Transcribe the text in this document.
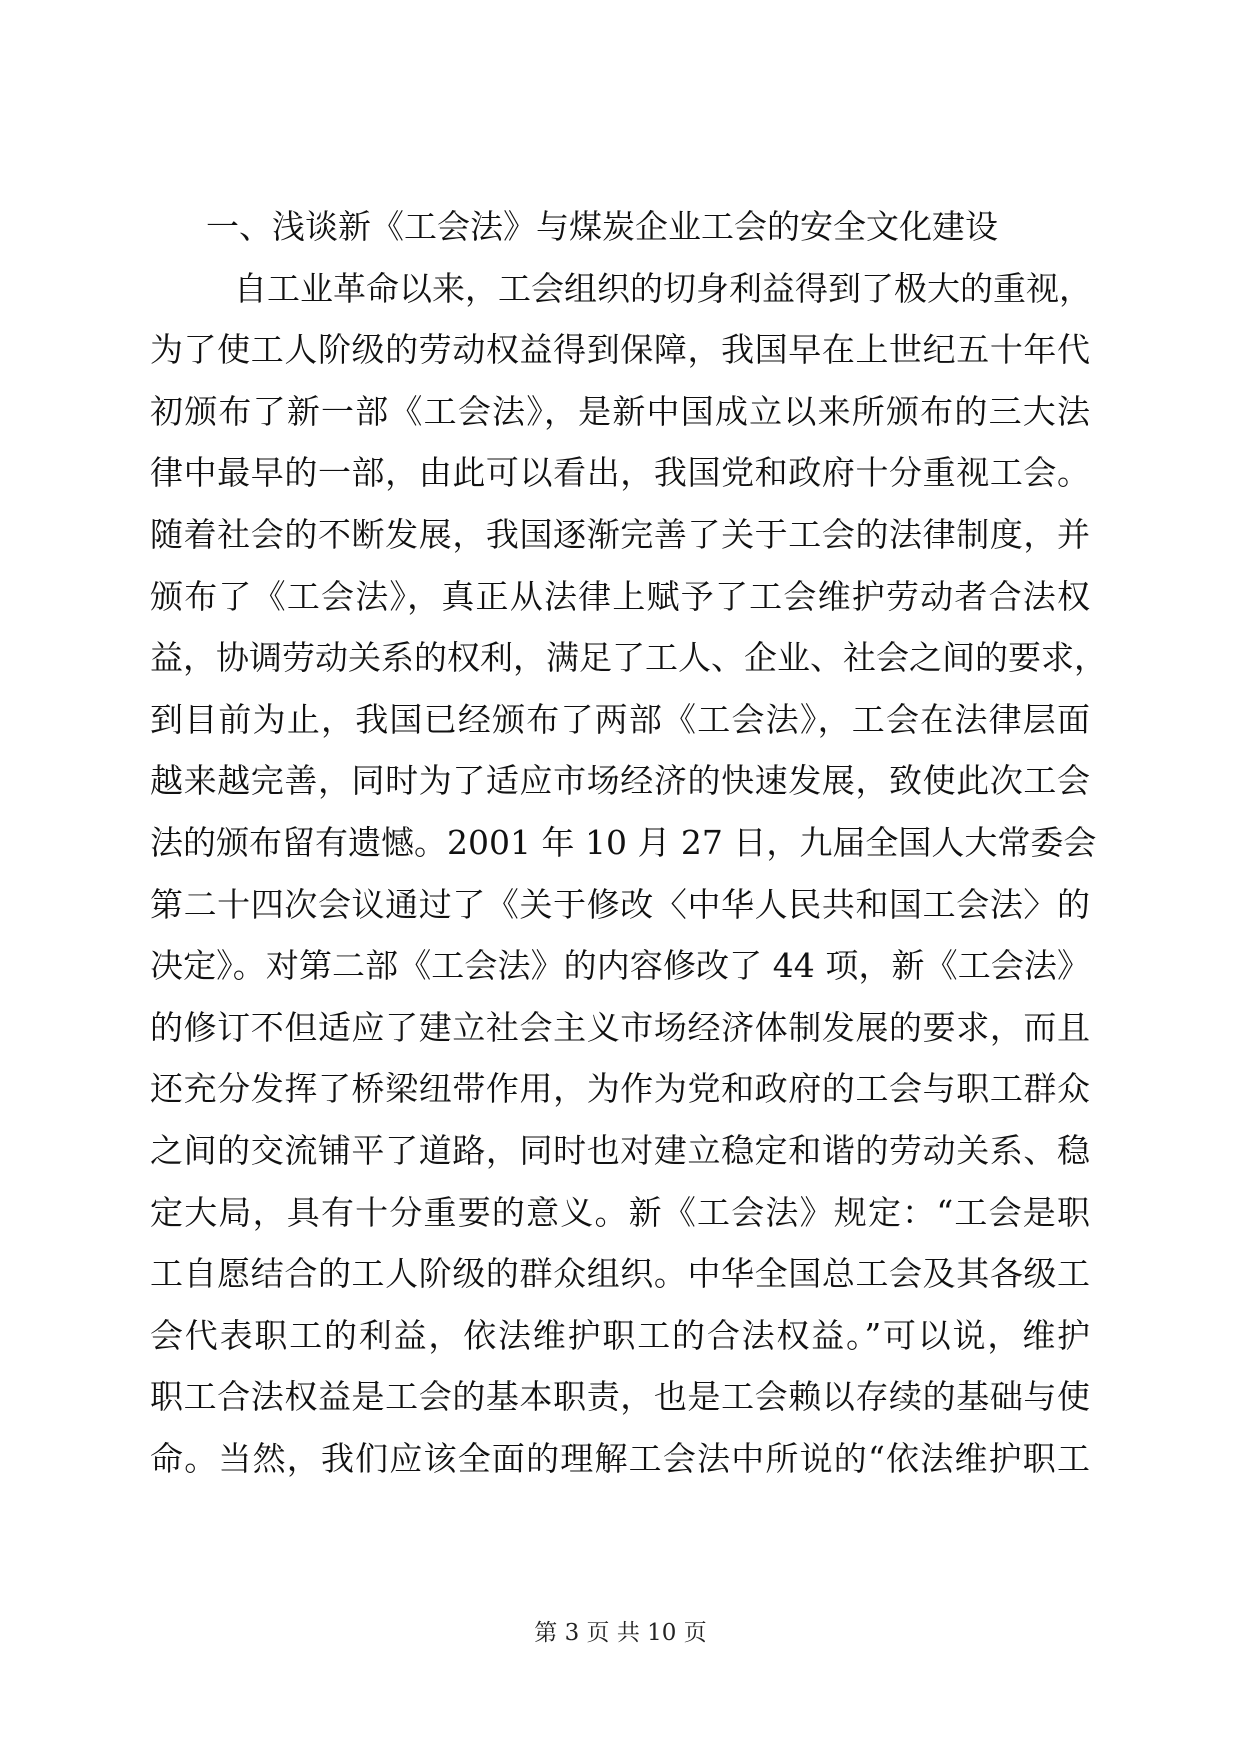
一、浅谈新《工会法》与煤炭企业工会的安全文化建设
自工业革命以来，工会组织的切身利益得到了极大的重视，
为了使工人阶级的劳动权益得到保障，我国早在上世纪五十年代
初颁布了新一部《工会法》，是新中国成立以来所颁布的三大法
律中最早的一部，由此可以看出，我国党和政府十分重视工会。
随着社会的不断发展，我国逐渐完善了关于工会的法律制度，并
颁布了《工会法》，真正从法律上赋予了工会维护劳动者合法权
益，协调劳动关系的权利，满足了工人、企业、社会之间的要求，
到目前为止，我国已经颁布了两部《工会法》，工会在法律层面
越来越完善，同时为了适应市场经济的快速发展，致使此次工会
法的颁布留有遗憾。2001 年 10 月 27 日，九届全国人大常委会
第二十四次会议通过了《关于修改〈中华人民共和国工会法〉的
决定》。对第二部《工会法》的内容修改了 44 项，新《工会法》
的修订不但适应了建立社会主义市场经济体制发展的要求，而且
还充分发挥了桥梁纽带作用，为作为党和政府的工会与职工群众
之间的交流铺平了道路，同时也对建立稳定和谐的劳动关系、稳
定大局，具有十分重要的意义。新《工会法》规定：“工会是职
工自愿结合的工人阶级的群众组织。中华全国总工会及其各级工
会代表职工的利益，依法维护职工的合法权益。”可以说，维护
职工合法权益是工会的基本职责，也是工会赖以存续的基础与使
命。当然，我们应该全面的理解工会法中所说的“依法维护职工
第 3 页 共 10 页
